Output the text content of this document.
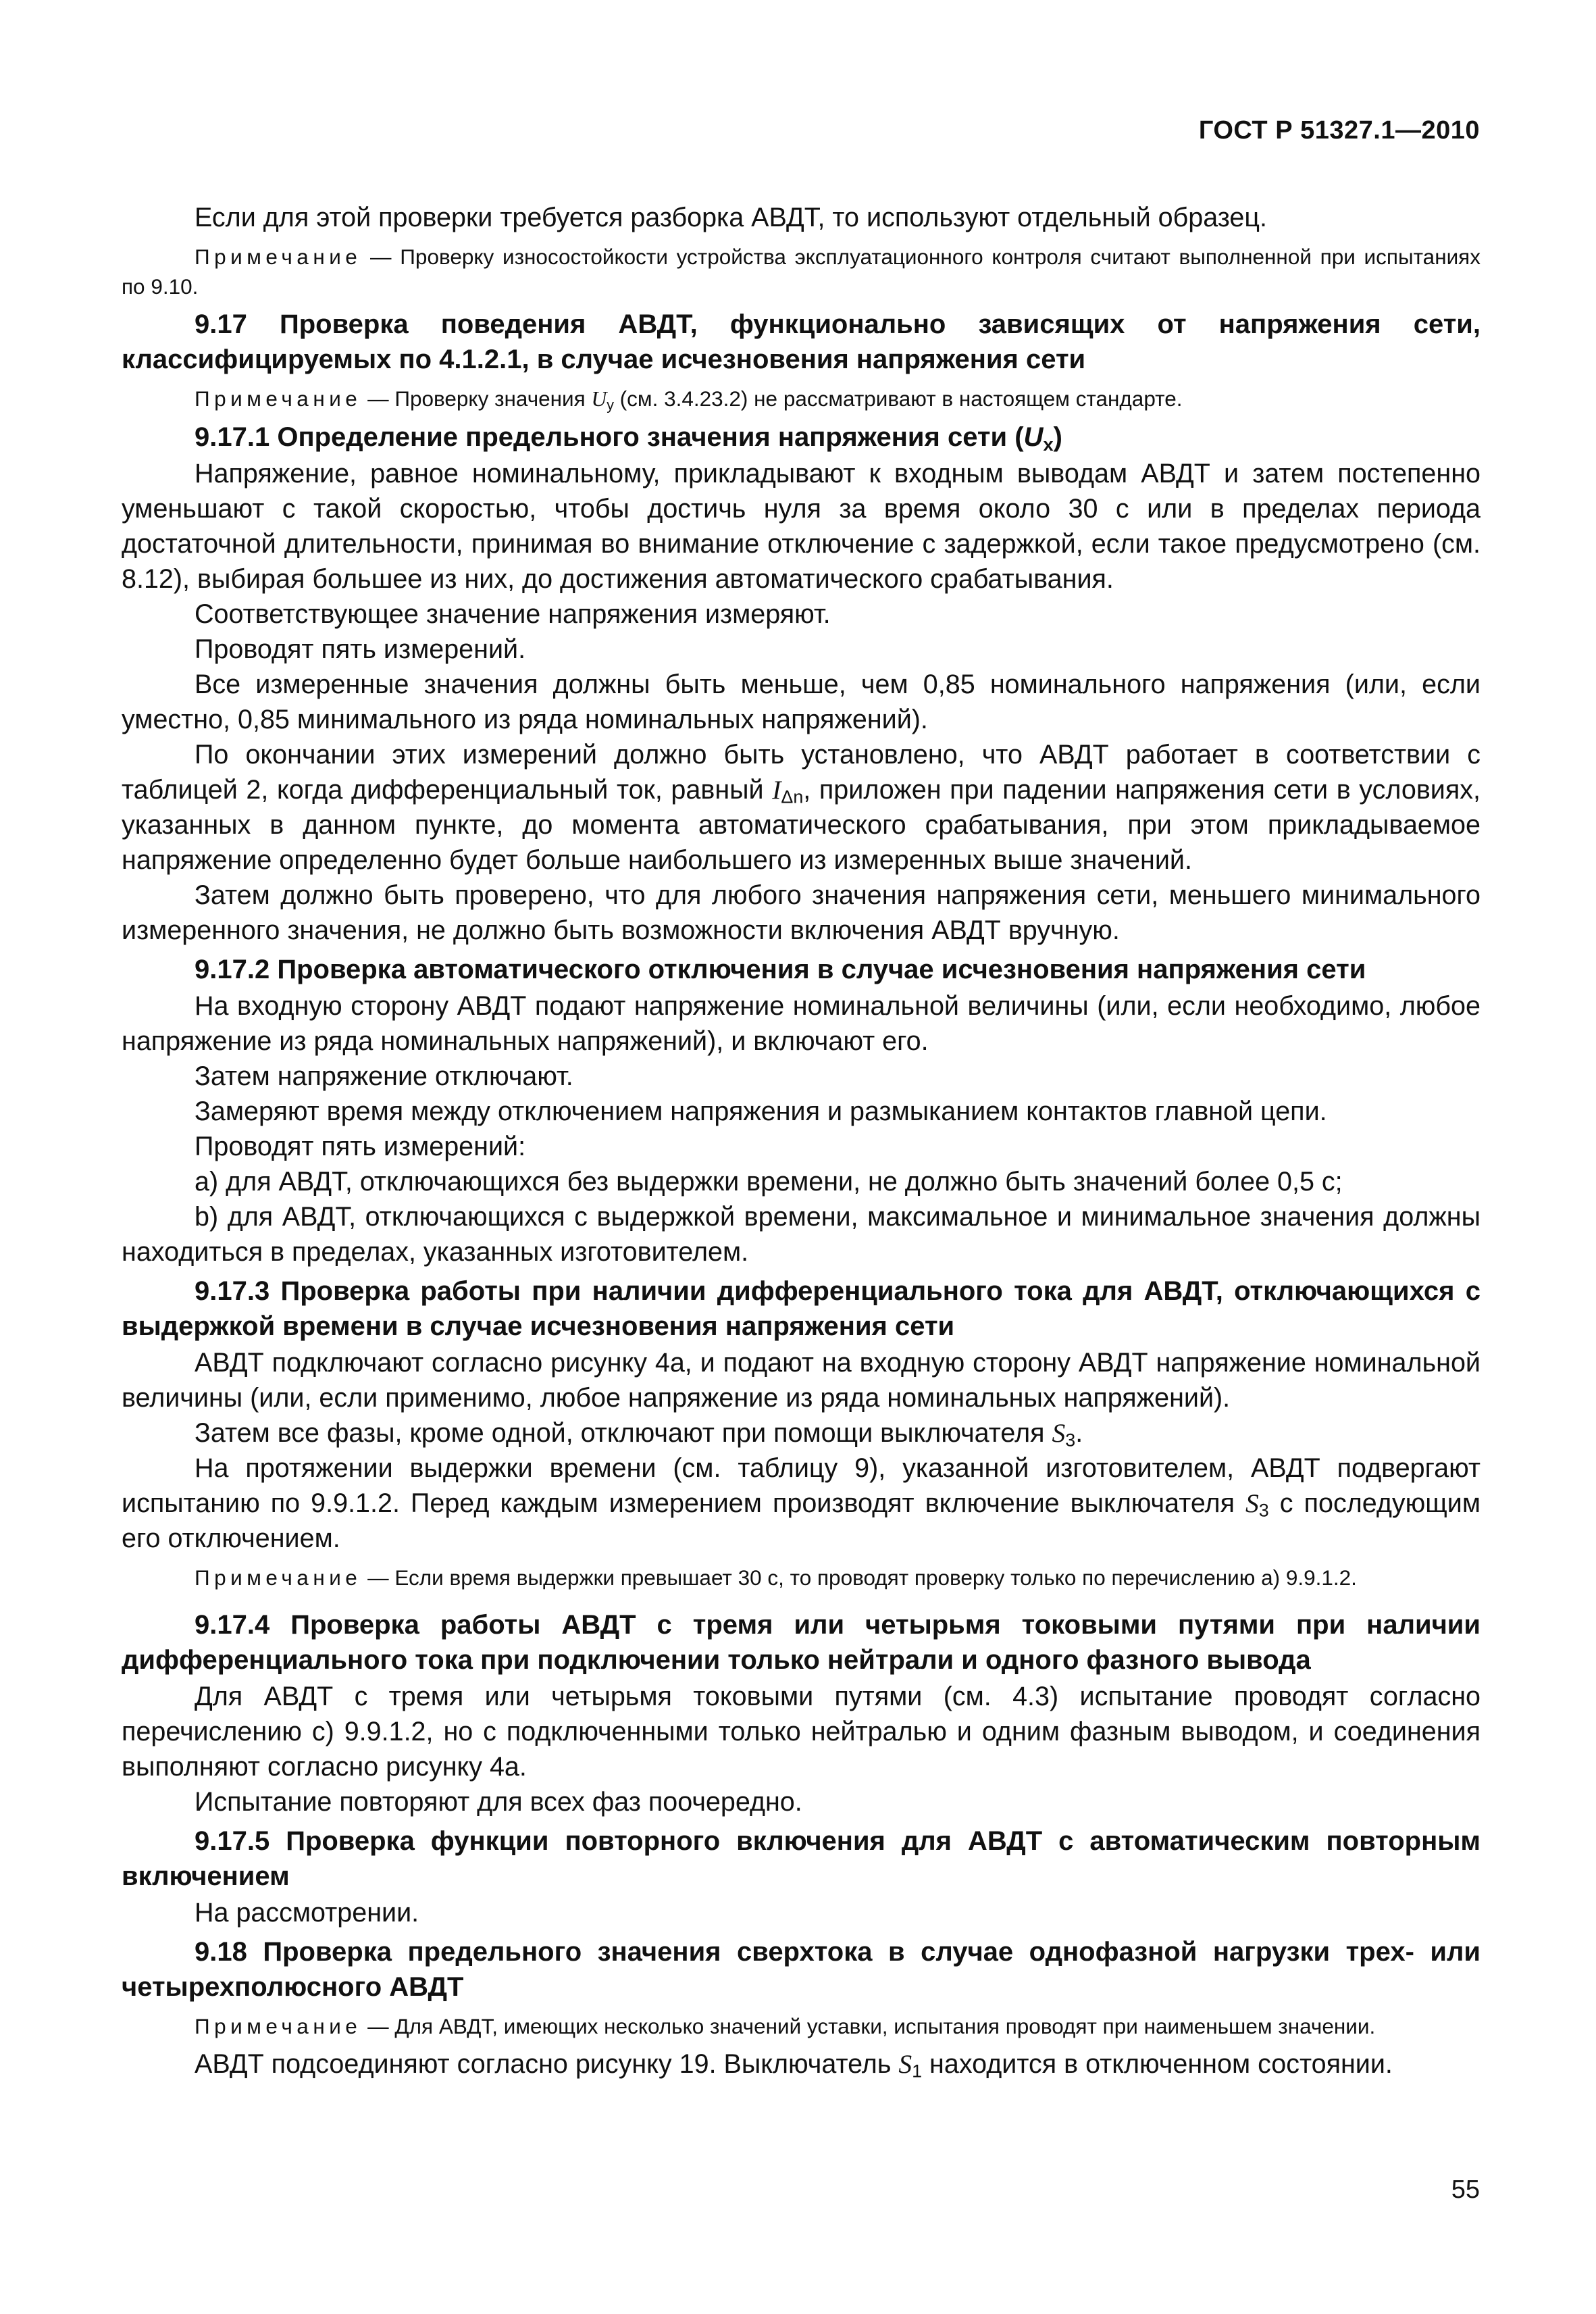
ГОСТ Р 51327.1—2010

Если для этой проверки требуется разборка АВДТ, то используют отдельный образец.

Примечание — Проверку износостойкости устройства эксплуатационного контроля считают выполненной при испытаниях по 9.10.

9.17 Проверка поведения АВДТ, функционально зависящих от напряжения сети, классифицируемых по 4.1.2.1, в случае исчезновения напряжения сети

Примечание — Проверку значения $U_y$ (см. 3.4.23.2) не рассматривают в настоящем стандарте.

9.17.1 Определение предельного значения напряжения сети $(U_x)$

Напряжение, равное номинальному, прикладывают к входным выводам АВДТ и затем постепенно уменьшают с такой скоростью, чтобы достичь нуля за время около 30 с или в пределах периода достаточной длительности, принимая во внимание отключение с задержкой, если такое предусмотрено (см. 8.12), выбирая большее из них, до достижения автоматического срабатывания.

Соответствующее значение напряжения измеряют.

Проводят пять измерений.

Все измеренные значения должны быть меньше, чем 0,85 номинального напряжения (или, если уместно, 0,85 минимального из ряда номинальных напряжений).

По окончании этих измерений должно быть установлено, что АВДТ работает в соответствии с таблицей 2, когда дифференциальный ток, равный $I_{\Delta n}$, приложен при падении напряжения сети в условиях, указанных в данном пункте, до момента автоматического срабатывания, при этом прикладываемое напряжение определенно будет больше наибольшего из измеренных выше значений.

Затем должно быть проверено, что для любого значения напряжения сети, меньшего минимального измеренного значения, не должно быть возможности включения АВДТ вручную.

9.17.2 Проверка автоматического отключения в случае исчезновения напряжения сети

На входную сторону АВДТ подают напряжение номинальной величины (или, если необходимо, любое напряжение из ряда номинальных напряжений), и включают его.

Затем напряжение отключают.

Замеряют время между отключением напряжения и размыканием контактов главной цепи.

Проводят пять измерений:

a) для АВДТ, отключающихся без выдержки времени, не должно быть значений более 0,5 с;

b) для АВДТ, отключающихся с выдержкой времени, максимальное и минимальное значения должны находиться в пределах, указанных изготовителем.

9.17.3 Проверка работы при наличии дифференциального тока для АВДТ, отключающихся с выдержкой времени в случае исчезновения напряжения сети

АВДТ подключают согласно рисунку 4а, и подают на входную сторону АВДТ напряжение номинальной величины (или, если применимо, любое напряжение из ряда номинальных напряжений).

Затем все фазы, кроме одной, отключают при помощи выключателя $S_3$.

На протяжении выдержки времени (см. таблицу 9), указанной изготовителем, АВДТ подвергают испытанию по 9.9.1.2. Перед каждым измерением производят включение выключателя $S_3$ с последующим его отключением.

Примечание — Если время выдержки превышает 30 с, то проводят проверку только по перечислению а) 9.9.1.2.

9.17.4 Проверка работы АВДТ с тремя или четырьмя токовыми путями при наличии дифференциального тока при подключении только нейтрали и одного фазного вывода

Для АВДТ с тремя или четырьмя токовыми путями (см. 4.3) испытание проводят согласно перечислению с) 9.9.1.2, но с подключенными только нейтралью и одним фазным выводом, и соединения выполняют согласно рисунку 4а.

Испытание повторяют для всех фаз поочередно.

9.17.5 Проверка функции повторного включения для АВДТ с автоматическим повторным включением

На рассмотрении.

9.18 Проверка предельного значения сверхтока в случае однофазной нагрузки трех- или четырехполюсного АВДТ

Примечание — Для АВДТ, имеющих несколько значений уставки, испытания проводят при наименьшем значении.

АВДТ подсоединяют согласно рисунку 19. Выключатель $S_1$ находится в отключенном состоянии.

55
